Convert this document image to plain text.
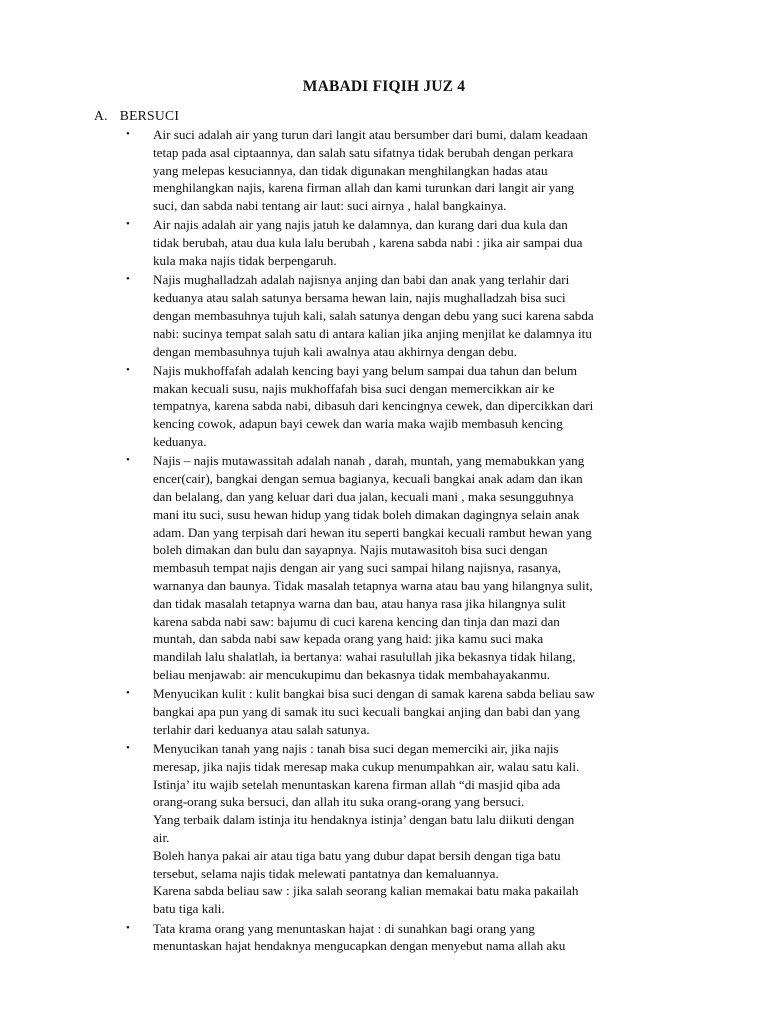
MABADI FIQIH JUZ 4
A. BERSUCI
•	Air suci adalah air yang turun dari langit atau bersumber dari bumi, dalam keadaan
tetap pada asal ciptaannya, dan salah satu sifatnya tidak berubah dengan perkara
yang melepas kesuciannya, dan tidak digunakan menghilangkan hadas atau
menghilangkan najis, karena firman allah dan kami turunkan dari langit air yang
suci, dan sabda nabi tentang air laut: suci airnya , halal bangkainya.
•	Air najis adalah air yang najis jatuh ke dalamnya, dan kurang dari dua kula dan
tidak berubah, atau dua kula lalu berubah , karena sabda nabi : jika air sampai dua
kula maka najis tidak berpengaruh.
•	Najis mughalladzah adalah najisnya anjing dan babi dan anak yang terlahir dari
keduanya atau salah satunya bersama hewan lain, najis mughalladzah bisa suci
dengan membasuhnya tujuh kali, salah satunya dengan debu yang suci karena sabda
nabi: sucinya tempat salah satu di antara kalian jika anjing menjilat ke dalamnya itu
dengan membasuhnya tujuh kali awalnya atau akhirnya dengan debu.
•	Najis mukhoffafah adalah kencing bayi yang belum sampai dua tahun dan belum
makan kecuali susu, najis mukhoffafah bisa suci dengan memercikkan air ke
tempatnya, karena sabda nabi, dibasuh dari kencingnya cewek, dan dipercikkan dari
kencing cowok, adapun bayi cewek dan waria maka wajib membasuh kencing
keduanya.
•	Najis – najis mutawassitah adalah nanah , darah, muntah, yang memabukkan yang
encer(cair), bangkai dengan semua bagianya, kecuali bangkai anak adam dan ikan
dan belalang, dan yang keluar dari dua jalan, kecuali mani , maka sesungguhnya
mani itu suci, susu hewan hidup yang tidak boleh dimakan dagingnya selain anak
adam. Dan yang terpisah dari hewan itu seperti bangkai kecuali rambut hewan yang
boleh dimakan dan bulu dan sayapnya. Najis mutawasitoh bisa suci dengan
membasuh tempat najis dengan air yang suci sampai hilang najisnya, rasanya,
warnanya dan baunya. Tidak masalah tetapnya warna atau bau yang hilangnya sulit,
dan tidak masalah tetapnya warna dan bau, atau hanya rasa jika hilangnya sulit
karena sabda nabi saw: bajumu di cuci karena kencing dan tinja dan mazi dan
muntah, dan sabda nabi saw kepada orang yang haid: jika kamu suci maka
mandilah lalu shalatlah, ia bertanya: wahai rasulullah jika bekasnya tidak hilang,
beliau menjawab: air mencukupimu dan bekasnya tidak membahayakanmu.
•	Menyucikan kulit : kulit bangkai bisa suci dengan di samak karena sabda beliau saw
bangkai apa pun yang di samak itu suci kecuali bangkai anjing dan babi dan yang
terlahir dari keduanya atau salah satunya.
•	Menyucikan tanah yang najis : tanah bisa suci degan memerciki air, jika najis
meresap, jika najis tidak meresap maka cukup menumpahkan air, walau satu kali.
Istinja’ itu wajib setelah menuntaskan karena firman allah “di masjid qiba ada
orang-orang suka bersuci, dan allah itu suka orang-orang yang bersuci.
Yang terbaik dalam istinja itu hendaknya istinja’ dengan batu lalu diikuti dengan
air.
Boleh hanya pakai air atau tiga batu yang dubur dapat bersih dengan tiga batu
tersebut, selama najis tidak melewati pantatnya dan kemaluannya.
Karena sabda beliau saw : jika salah seorang kalian memakai batu maka pakailah
batu tiga kali.
•	Tata krama orang yang menuntaskan hajat : di sunahkan bagi orang yang
menuntaskan hajat hendaknya mengucapkan dengan menyebut nama allah aku
